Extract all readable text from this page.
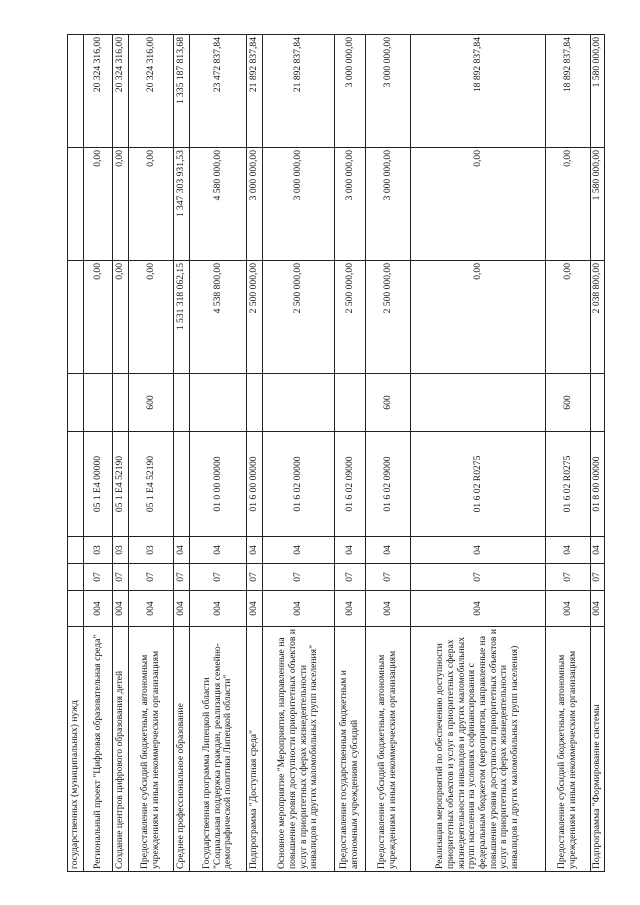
государственных (муниципальных) нужд								
Региональный проект "Цифровая образовательная среда"	004	07	03	05 1 E4 00000		0,00	0,00	20 324 316,00
Создание центров цифрового образования детей	004	07	03	05 1 E4 52190		0,00	0,00	20 324 316,00
Предоставление субсидий бюджетным, автономным учреждениям и иным некоммерческим организациям	004	07	03	05 1 E4 52190	600	0,00	0,00	20 324 316,00
Среднее профессиональное образование	004	07	04			1 531 318 062,15	1 347 303 931,53	1 335 187 813,68
Государственная программа Липецкой области "Социальная поддержка граждан, реализация семейно-демографической политики Липецкой области"	004	07	04	01 0 00 00000		4 538 800,00	4 580 000,00	23 472 837,84
Подпрограмма "Доступная среда"	004	07	04	01 6 00 00000		2 500 000,00	3 000 000,00	21 892 837,84
Основное мероприятие "Мероприятия, направленные на повышение уровня доступности приоритетных объектов и услуг в приоритетных сферах жизнедеятельности инвалидов и других маломобильных групп населения"	004	07	04	01 6 02 00000		2 500 000,00	3 000 000,00	21 892 837,84
Предоставление государственным бюджетным и автономным учреждениям субсидий	004	07	04	01 6 02 09000		2 500 000,00	3 000 000,00	3 000 000,00
Предоставление субсидий бюджетным, автономным учреждениям и иным некоммерческим организациям	004	07	04	01 6 02 09000	600	2 500 000,00	3 000 000,00	3 000 000,00
Реализация мероприятий по обеспечению доступности приоритетных объектов и услуг в приоритетных сферах жизнедеятельности инвалидов и других маломобильных групп населения на условиях софинансирования с федеральным бюджетом (мероприятия, направленные на повышение уровня доступности приоритетных объектов и услуг в приоритетных сферах жизнедеятельности инвалидов и других маломобильных групп населения)	004	07	04	01 6 02 R0275		0,00	0,00	18 892 837,84
Предоставление субсидий бюджетным, автономным учреждениям и иным некоммерческим организациям	004	07	04	01 6 02 R0275	600	0,00	0,00	18 892 837,84
Подпрограмма "Формирование системы	004	07	04	01 8 00 00000		2 038 800,00	1 580 000,00	1 580 000,00
